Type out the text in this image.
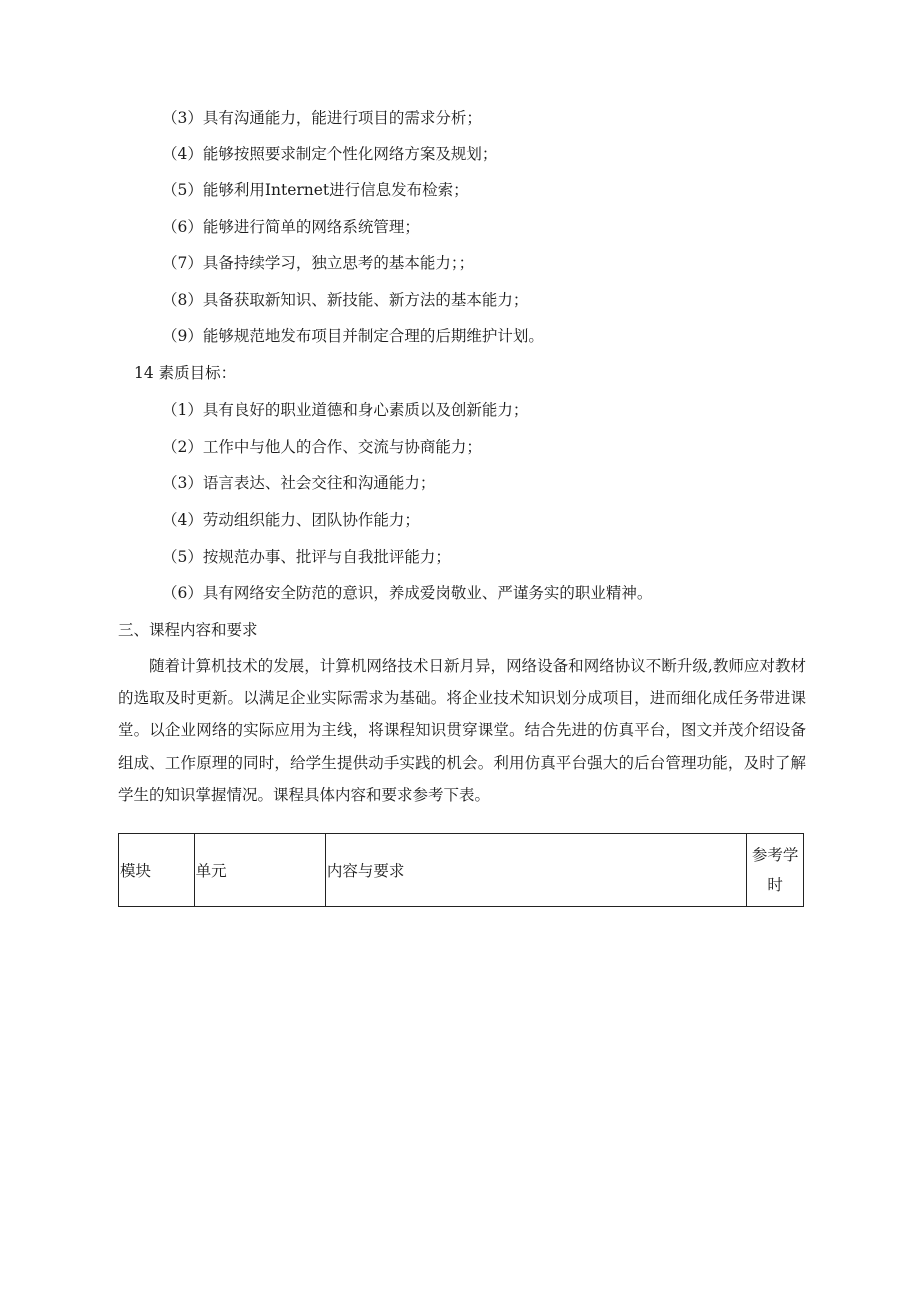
（3）具有沟通能力，能进行项目的需求分析；
（4）能够按照要求制定个性化网络方案及规划；
（5）能够利用Internet进行信息发布检索；
（6）能够进行简单的网络系统管理；
（7）具备持续学习，独立思考的基本能力；；
（8）具备获取新知识、新技能、新方法的基本能力；
（9）能够规范地发布项目并制定合理的后期维护计划。
14 素质目标：
（1）具有良好的职业道德和身心素质以及创新能力；
（2）工作中与他人的合作、交流与协商能力；
（3）语言表达、社会交往和沟通能力；
（4）劳动组织能力、团队协作能力；
（5）按规范办事、批评与自我批评能力；
（6）具有网络安全防范的意识，养成爱岗敬业、严谨务实的职业精神。
三、课程内容和要求
随着计算机技术的发展，计算机网络技术日新月异，网络设备和网络协议不断升级,教师应对教材的选取及时更新。以满足企业实际需求为基础。将企业技术知识划分成项目，进而细化成任务带进课堂。以企业网络的实际应用为主线，将课程知识贯穿课堂。结合先进的仿真平台，图文并茂介绍设备组成、工作原理的同时，给学生提供动手实践的机会。利用仿真平台强大的后台管理功能，及时了解学生的知识掌握情况。课程具体内容和要求参考下表。
模块	单元	内容与要求	参考学
时
